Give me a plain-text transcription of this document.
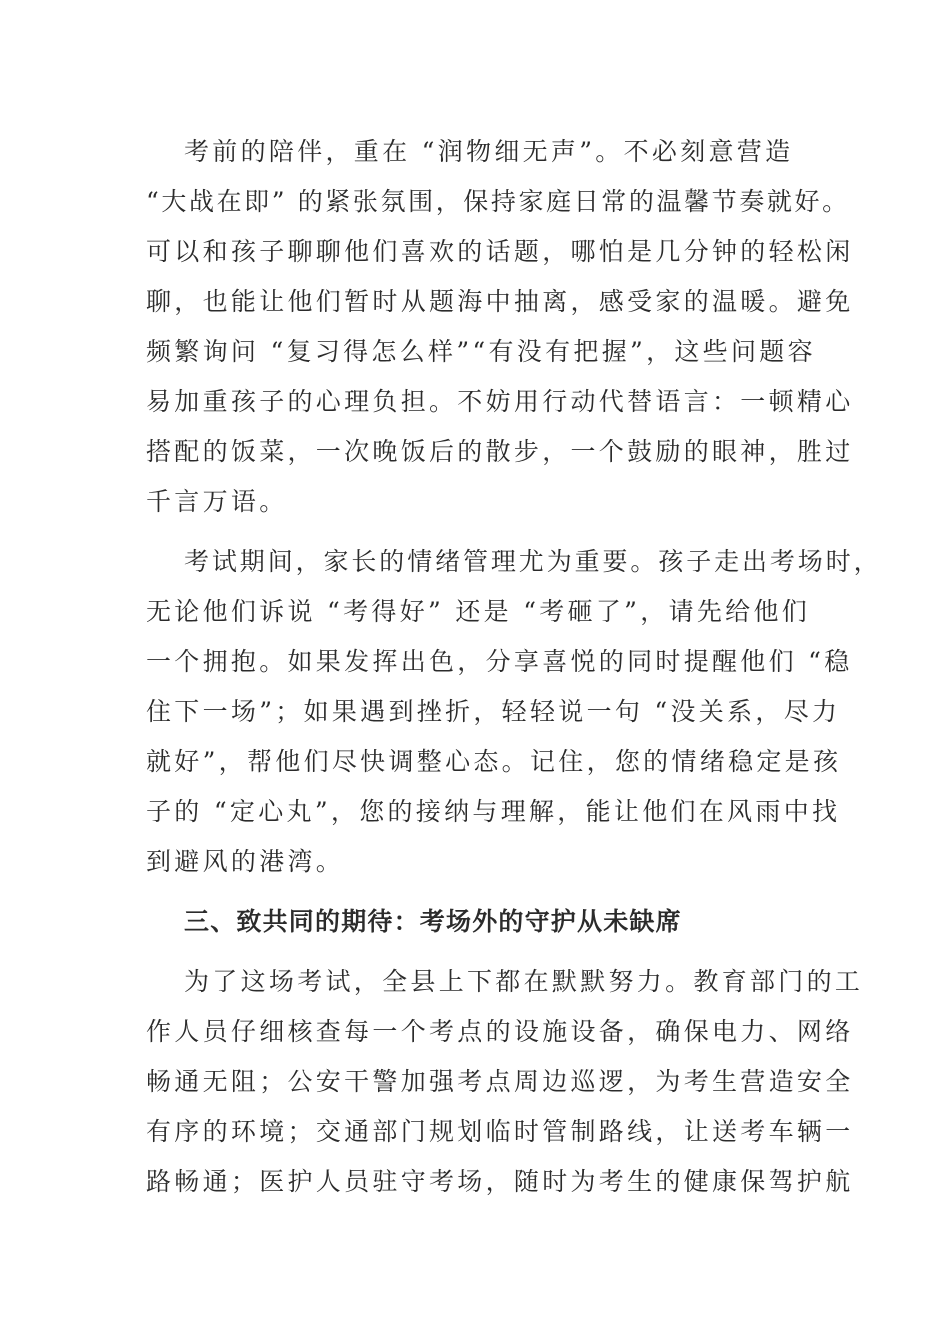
考前的陪伴，重在 “润物细无声”。不必刻意营造
“大战在即” 的紧张氛围，保持家庭日常的温馨节奏就好。
可以和孩子聊聊他们喜欢的话题，哪怕是几分钟的轻松闲
聊，也能让他们暂时从题海中抽离，感受家的温暖。避免
频繁询问 “复习得怎么样”“有没有把握”，这些问题容
易加重孩子的心理负担。不妨用行动代替语言：一顿精心
搭配的饭菜，一次晚饭后的散步，一个鼓励的眼神，胜过
千言万语。
考试期间，家长的情绪管理尤为重要。孩子走出考场时，
无论他们诉说 “考得好” 还是 “考砸了”，请先给他们
一个拥抱。如果发挥出色，分享喜悦的同时提醒他们 “稳
住下一场”；如果遇到挫折，轻轻说一句 “没关系，尽力
就好”，帮他们尽快调整心态。记住，您的情绪稳定是孩
子的 “定心丸”，您的接纳与理解，能让他们在风雨中找
到避风的港湾。
三、致共同的期待：考场外的守护从未缺席
为了这场考试，全县上下都在默默努力。教育部门的工
作人员仔细核查每一个考点的设施设备，确保电力、网络
畅通无阻；公安干警加强考点周边巡逻，为考生营造安全
有序的环境；交通部门规划临时管制路线，让送考车辆一
路畅通；医护人员驻守考场，随时为考生的健康保驾护航
